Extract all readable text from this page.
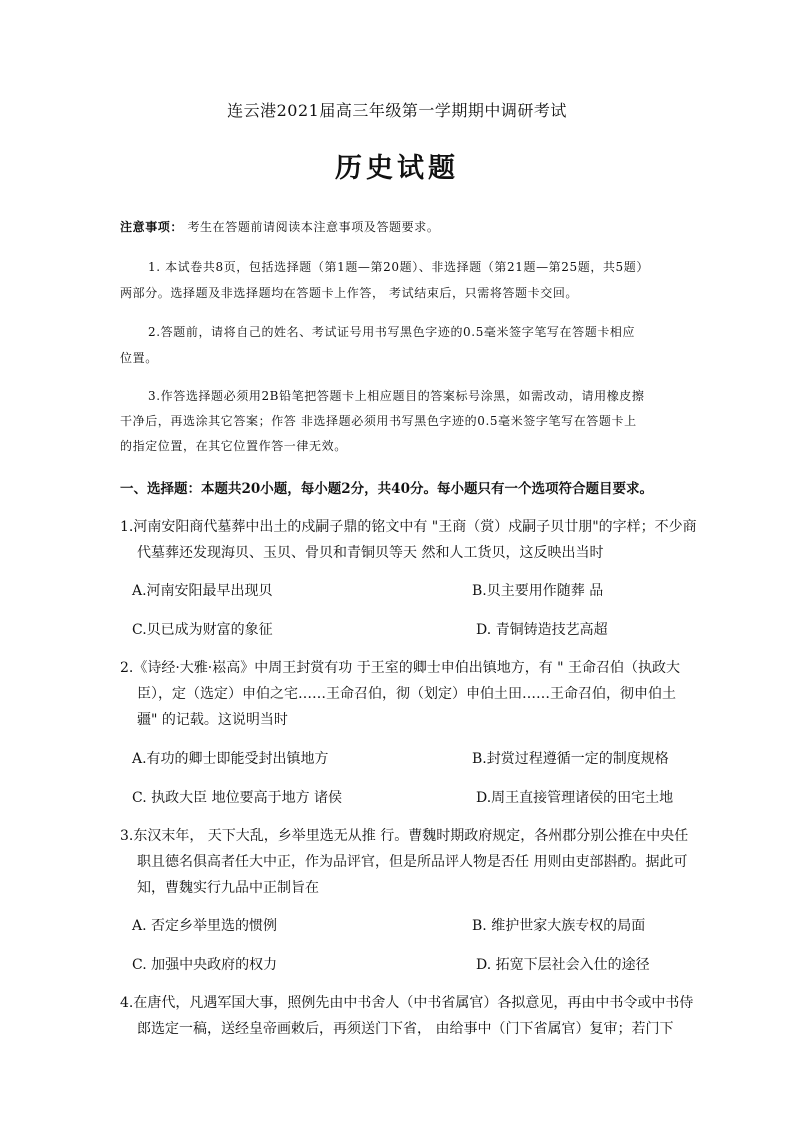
连云港2021届高三年级第一学期期中调研考试
历史试题
注意事项： 考生在答题前请阅读本注意事项及答题要求。
1. 本试卷共8页，包括选择题（第1题—第20题）、非选择题（第21题—第25题，共5题）
两部分。选择题及非选择题均在答题卡上作答， 考试结束后，只需将答题卡交回。
2.答题前，请将自己的姓名、考试证号用书写黑色字迹的0.5毫米签字笔写在答题卡相应
位置。
3.作答选择题必须用2B铅笔把答题卡上相应题目的答案标号涂黑，如需改动，请用橡皮擦
干净后，再选涂其它答案；作答 非选择题必须用书写黑色字迹的0.5毫米签字笔写在答题卡上
的指定位置，在其它位置作答一律无效。
一、选择题：本题共20小题，每小题2分，共40分。每小题只有一个选项符合题目要求。
1.河南安阳商代墓葬中出土的戍嗣子鼎的铭文中有 "王商（赏）戍嗣子贝廿朋"的字样；不少商
代墓葬还发现海贝、玉贝、骨贝和青铜贝等天 然和人工货贝，这反映出当时
A.河南安阳最早出现贝	B.贝主要用作随葬 品
C.贝已成为财富的象征	D. 青铜铸造技艺高超
2.《诗经·大雅·崧高》中周王封赏有功 于王室的卿士申伯出镇地方，有 " 王命召伯（执政大
臣），定（选定）申伯之宅……王命召伯，彻（划定）申伯土田……王命召伯，彻申伯土
疆" 的记载。这说明当时
A.有功的卿士即能受封出镇地方	B.封赏过程遵循一定的制度规格
C. 执政大臣 地位要高于地方 诸侯	D.周王直接管理诸侯的田宅土地
3.东汉末年， 天下大乱，乡举里选无从推 行。曹魏时期政府规定，各州郡分别公推在中央任
职且德名俱高者任大中正，作为品评官，但是所品评人物是否任 用则由吏部斟酌。据此可
知，曹魏实行九品中正制旨在
A. 否定乡举里选的惯例	B. 维护世家大族专权的局面
C. 加强中央政府的权力	D. 拓宽下层社会入仕的途径
4.在唐代，凡遇军国大事，照例先由中书舍人（中书省属官）各拟意见，再由中书令或中书侍
郎选定一稿，送经皇帝画敕后，再须送门下省， 由给事中（门下省属官）复审；若门下
